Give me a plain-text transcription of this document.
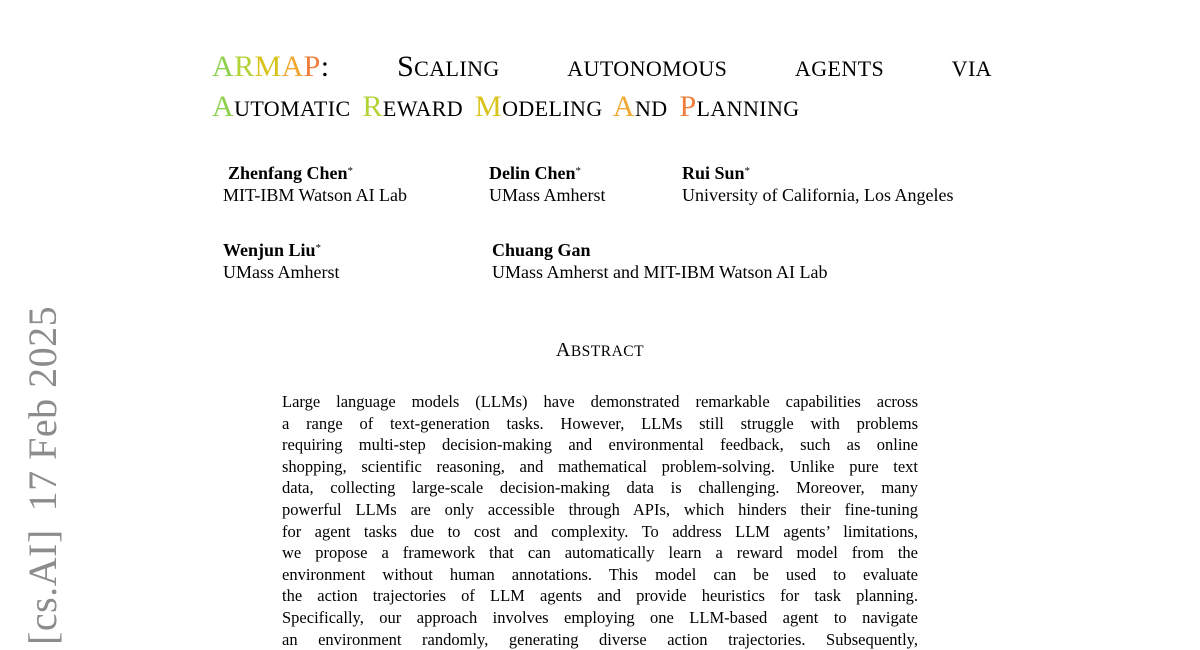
[cs.AI]17 Feb 2025
ARMAP: SCALING	AUTONOMOUS	AGENTS	VIA
AUTOMATIC REWARD MODELING AND PLANNING
Zhenfang Chen*
MIT-IBM Watson AI Lab
Delin Chen*
UMass Amherst
Rui Sun*
University of California, Los Angeles
Wenjun Liu*
UMass Amherst
Chuang Gan
UMass Amherst and MIT-IBM Watson AI Lab
ABSTRACT
Large language models (LLMs) have demonstrated remarkable capabilities across
a range of text-generation tasks. However, LLMs still struggle with problems
requiring multi-step decision-making and environmental feedback, such as online
shopping, scientific reasoning, and mathematical problem-solving. Unlike pure text
data, collecting large-scale decision-making data is challenging. Moreover, many
powerful LLMs are only accessible through APIs, which hinders their fine-tuning
for agent tasks due to cost and complexity. To address LLM agents’ limitations,
we propose a framework that can automatically learn a reward model from the
environment without human annotations. This model can be used to evaluate
the action trajectories of LLM agents and provide heuristics for task planning.
Specifically, our approach involves employing one LLM-based agent to navigate
an environment randomly, generating diverse action trajectories. Subsequently,
